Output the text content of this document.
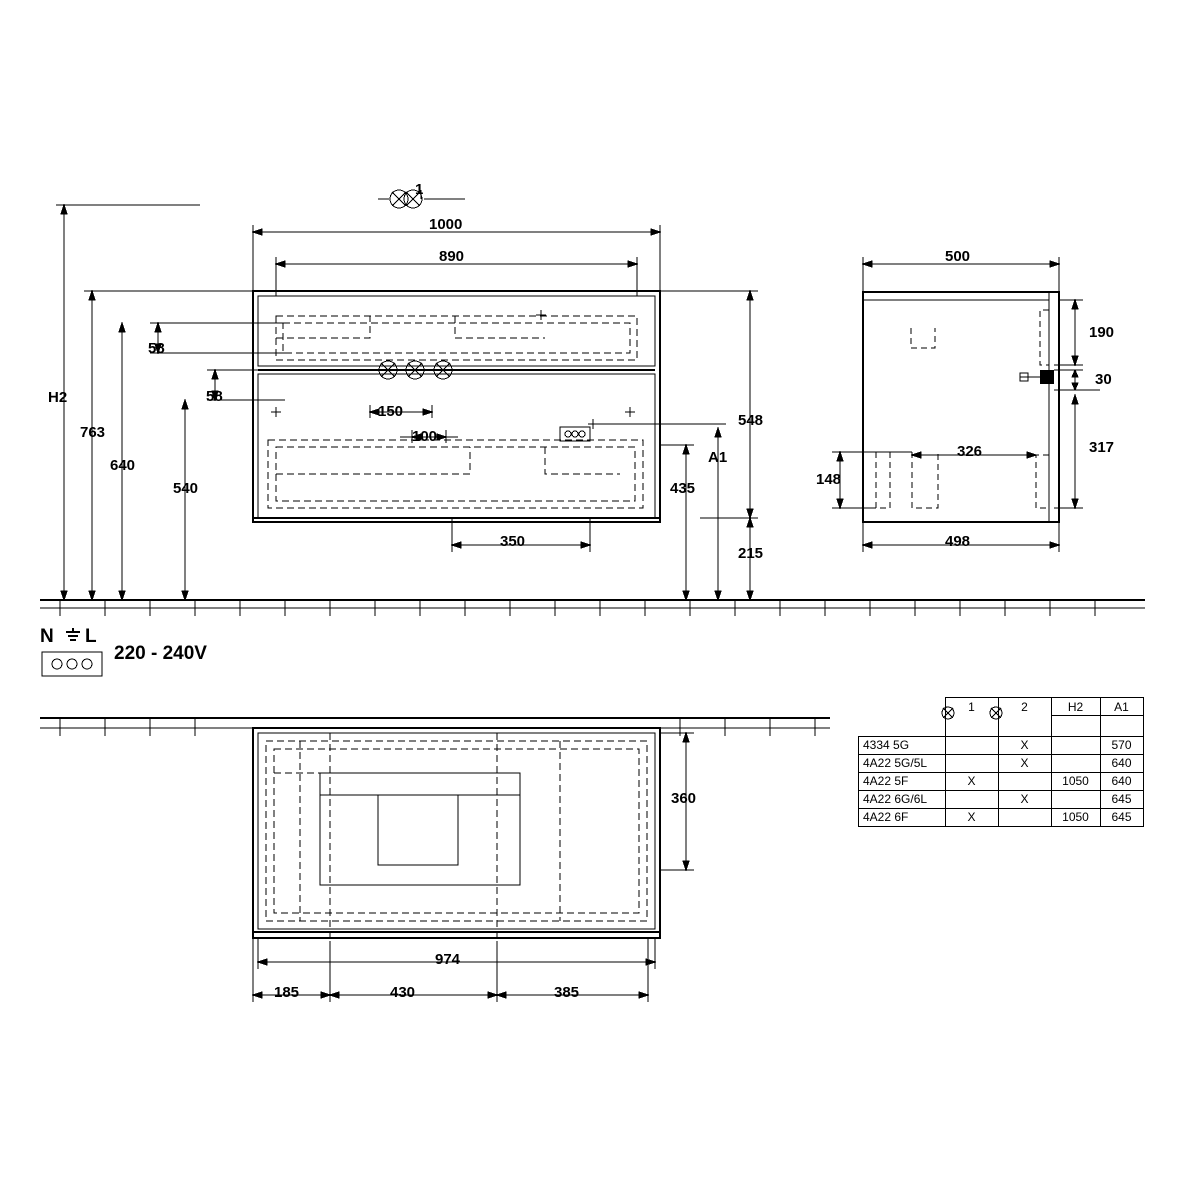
1000
890
1
58
58
150
100
350
H2
763
640
540
548
A1
435
215
500
498
326
190
30
317
148
N L
220 - 240V
360
974
185	430	385
	1	2	H2	A1

4334 5G		X		570
4A22 5G/5L		X		640
4A22 5F	X		1050	640
4A22 6G/6L		X		645
4A22 6F	X		1050	645
